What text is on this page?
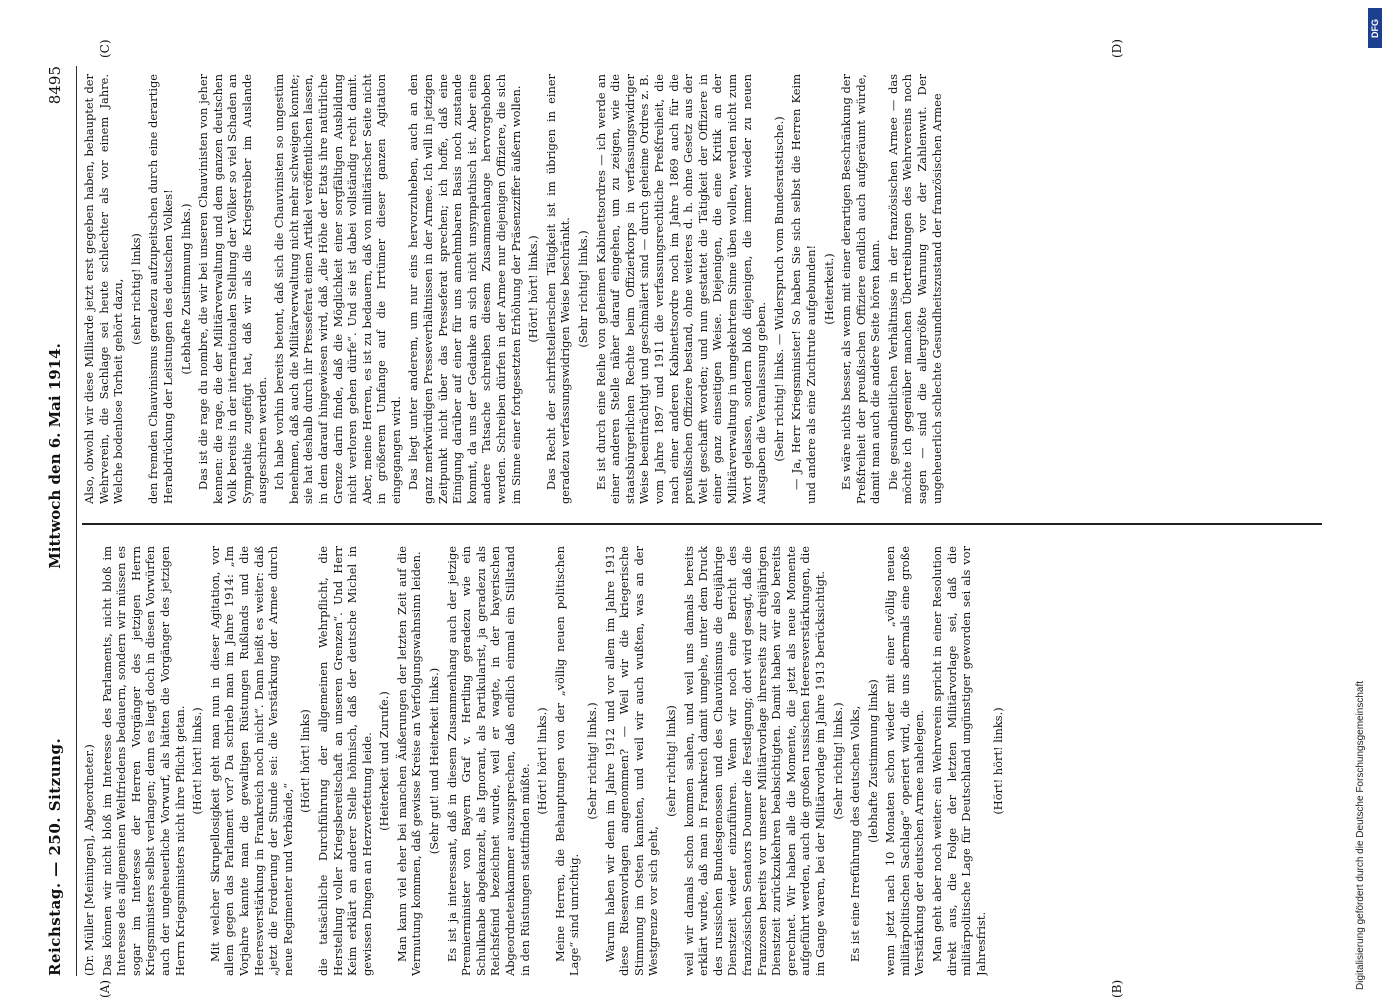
Reichstag. — 250. Sitzung.
Mittwoch den 6. Mai 1914.
8495
(A)	(B)
(C)	(D)

(Dr. Müller [Meiningen], Abgeordneter.) Das können wir nicht bloß im Interesse des Parlaments, nicht bloß im Interesse des allgemeinen Weltfriedens bedauern, sondern wir müssen es sogar im Interesse der Herren Vorgänger des jetzigen Herrn Kriegsministers selbst verlangen; denn es liegt doch in diesen Vorwürfen auch der ungeheuerliche Vorwurf, als hätten die Vorgänger des jetzigen Herrn Kriegsministers nicht ihre Pflicht getan. (Hört! hört! links.) Mit welcher Skrupellosigkeit geht man nun in dieser Agitation, vor allem gegen das Parlament vor? Da schrieb man im Jahre 1914: „Im Vorjahre kannte man die gewaltigen Rüstungen Rußlands und die Heeresverstärkung in Frankreich noch nicht“. Dann heißt es weiter: daß „jetzt die Forderung der Stunde sei: die Verstärkung der Armee durch neue Regimenter und Verbände,“

(Hört! hört! links) die tatsächliche Durchführung der allgemeinen Wehrpflicht, die Herstellung voller Kriegsbereitschaft an unseren Grenzen“. Und Herr Keim erklärt an anderer Stelle höhnisch, daß der deutsche Michel in gewissen Dingen an Herzverfettung leide. (Heiterkeit und Zurufe.) Man kann viel eher bei manchen Äußerungen der letzten Zeit auf die Vermutung kommen, daß gewisse Kreise an Verfolgungswahnsinn leiden. (Sehr gut! und Heiterkeit links.) Es ist ja interessant, daß in diesem Zusammenhang auch der jetzige Premierminister von Bayern Graf v. Hertling geradezu wie ein Schulknabe abgekanzelt, als Ignorant, als Partikularist, ja geradezu als Reichsfeind bezeichnet wurde, weil er wagte, in der bayerischen Abgeordnetenkammer auszusprechen, daß endlich einmal ein Stillstand in den Rüstungen stattfinden müßte.

(Hört! hört! links.) Meine Herren, die Behauptungen von der „völlig neuen politischen Lage“ sind unrichtig.

(Sehr richtig! links.) Warum haben wir denn im Jahre 1912 und vor allem im Jahre 1913 diese Riesenvorlagen angenommen? — Weil wir die kriegerische Stimmung im Osten kannten, und weil wir auch wußten, was an der Westgrenze vor sich geht,

(sehr richtig! links) weil wir damals schon kommen sahen, und weil uns damals bereits erklärt wurde, daß man in Frankreich damit umgehe, unter dem Druck des russischen Bundesgenossen und des Chauvinismus die dreijährige Dienstzeit wieder einzuführen. Wenn wir noch eine Bericht des französischen Senators Doumer die Festlegung; dort wird gesagt, daß die Franzosen bereits vor unserer Militärvorlage ihrerseits zur dreijährigen Dienstzeit zurückzukehren beabsichtigten. Damit haben wir also bereits gerechnet. Wir haben alle die Momente, die jetzt als neue Momente aufgeführt werden, auch die großen russischen Heeresverstärkungen, die im Gange waren, bei der Militärvorlage im Jahre 1913 berücksichtigt. (Sehr richtig! links.) Es ist eine Irreführung des deutschen Volks, (lebhafte Zustimmung links) wenn jetzt nach 10 Monaten schon wieder mit einer „völlig neuen militärpolitischen Sachlage“ operiert wird, die uns abermals eine große Verstärkung der deutschen Armee nahelegen. Man geht aber noch weiter: ein Wehrverein spricht in einer Resolution direkt aus, die Folge der letzten Militärvorlage sei, daß die militärpolitische Lage für Deutschland ungünstiger geworden sei als vor Jahresfrist.

(Hört! hört! links.)

Also, obwohl wir diese Milliarde jetzt erst gegeben haben, behauptet der Wehrverein, die Sachlage sei heute schlechter als vor einem Jahre. Welche bodenlose Torheit gehört dazu, (sehr richtig! links) den fremden Chauvinismus geradezu aufzupeitschen durch eine derartige Herabdrückung der Leistungen des deutschen Volkes! (Lebhafte Zustimmung links.) Das ist die rage du nombre, die wir bei unseren Chauvinisten von jeher kennen: die rage, die der Militärverwaltung und dem ganzen deutschen Volk bereits in der internationalen Stellung der Völker so viel Schaden an Sympathie zugefügt hat, daß wir als die Kriegstreiber im Auslande ausgeschrien werden. Ich habe vorhin bereits betont, daß sich die Chauvinisten so ungestüm benehmen, daß auch die Militärverwaltung nicht mehr schweigen konnte; sie hat deshalb durch ihr Presseferat einen Artikel veröffentlichen lassen, in dem darauf hingewiesen wird, daß „die Höhe der Etats ihre natürliche Grenze darin finde, daß die Möglichkeit einer sorgfältigen Ausbildung nicht verloren gehen dürfe“. Und sie ist dabei vollständig recht damit. Aber, meine Herren, es ist zu bedauern, daß von militärischer Seite nicht in größerem Umfange auf die Irrtümer dieser ganzen Agitation eingegangen wird. Das liegt unter anderem, um nur eins hervorzuheben, auch an den ganz merkwürdigen Presseverhältnissen in der Armee. Ich will in jetzigen Zeitpunkt nicht über das Presseferat sprechen; ich hoffe, daß eine Einigung darüber auf einer für uns annehmbaren Basis noch zustande kommt, da uns der Gedanke an sich nicht unsympathisch ist. Aber eine andere Tatsache schreiben diesem Zusammenhange hervorgehoben werden. Schreiben dürfen in der Armee nur diejenigen Offiziere, die sich im Sinne einer fortgesetzten Erhöhung der Präsenzziffer äußern wollen. (Hört! hört! links.) Das Recht der schriftstellerischen Tätigkeit ist im übrigen in einer geradezu verfassungswidrigen Weise beschränkt. (Sehr richtig! links.) Es ist durch eine Reihe von geheimen Kabinettsordres — ich werde an einer anderen Stelle näher darauf eingehen, um zu zeigen, wie die staatsbürgerlichen Rechte beim Offizierkorps in verfassungswidriger Weise beeinträchtigt und geschmälert sind — durch geheime Ordres z. B. vom Jahre 1897 und 1911 die verfassungsrechtliche Preßfreiheit, die nach einer anderen Kabinettsordre noch im Jahre 1869 auch für die preußischen Offiziere bestand, ohne weiteres d. h. ohne Gesetz aus der Welt geschafft worden; und nun gestattet die Tätigkeit der Offiziere in einer ganz einseitigen Weise. Diejenigen, die eine Kritik an der Militärverwaltung in umgekehrtem Sinne üben wollen, werden nicht zum Wort gelassen, sondern bloß diejenigen, die immer wieder zu neuen Ausgaben die Veranlassung geben. (Sehr richtig! links. — Widerspruch vom Bundesratstische.) — Ja, Herr Kriegsminister! So haben Sie sich selbst die Herren Keim und andere als eine Zuchtrute aufgebunden! (Heiterkeit.) Es wäre nichts besser, als wenn mit einer derartigen Beschränkung der Preßfreiheit der preußischen Offiziere endlich auch aufgeräumt würde, damit man auch die andere Seite hören kann. Die gesundheitlichen Verhältnisse in der französischen Armee — das möchte ich gegenüber manchen Übertreibungen des Wehrvereins noch sagen — sind die allergrößte Warnung vor der Zahlenwut. Der ungeheuerlich schlechte Gesundheitszustand der französischen Armee

Digitalisierung gefördert durch die Deutsche Forschungsgemeinschaft
DFG
